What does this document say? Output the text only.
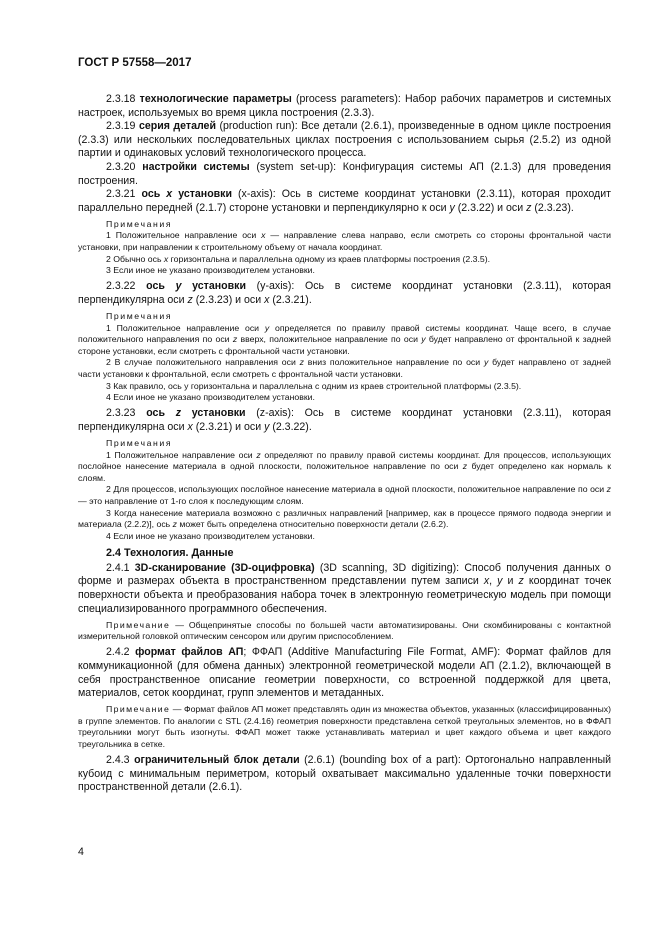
ГОСТ Р 57558—2017

2.3.18 технологические параметры (process parameters): Набор рабочих параметров и системных настроек, используемых во время цикла построения (2.3.3).

2.3.19 серия деталей (production run): Все детали (2.6.1), произведенные в одном цикле построения (2.3.3) или нескольких последовательных циклах построения с использованием сырья (2.5.2) из одной партии и одинаковых условий технологического процесса.

2.3.20 настройки системы (system set-up): Конфигурация системы АП (2.1.3) для проведения построения.

2.3.21 ось x установки (x-axis): Ось в системе координат установки (2.3.11), которая проходит параллельно передней (2.1.7) стороне установки и перпендикулярно к оси y (2.3.22) и оси z (2.3.23).

Примечания

1 Положительное направление оси x — направление слева направо, если смотреть со стороны фронтальной части установки, при направлении к строительному объему от начала координат.

2 Обычно ось x горизонтальна и параллельна одному из краев платформы построения (2.3.5).

3 Если иное не указано производителем установки.

2.3.22 ось y установки (y-axis): Ось в системе координат установки (2.3.11), которая перпендикулярна оси z (2.3.23) и оси x (2.3.21).

Примечания

1 Положительное направление оси y определяется по правилу правой системы координат. Чаще всего, в случае положительного направления по оси z вверх, положительное направление по оси y будет направлено от фронтальной к задней стороне установки, если смотреть с фронтальной части установки.

2 В случае положительного направления оси z вниз положительное направление по оси y будет направлено от задней части установки к фронтальной, если смотреть с фронтальной части установки.

3 Как правило, ось y горизонтальна и параллельна с одним из краев строительной платформы (2.3.5).

4 Если иное не указано производителем установки.

2.3.23 ось z установки (z-axis): Ось в системе координат установки (2.3.11), которая перпендикулярна оси x (2.3.21) и оси y (2.3.22).

Примечания

1 Положительное направление оси z определяют по правилу правой системы координат. Для процессов, использующих послойное нанесение материала в одной плоскости, положительное направление по оси z будет определено как нормаль к слоям.

2 Для процессов, использующих послойное нанесение материала в одной плоскости, положительное направление по оси z — это направление от 1-го слоя к последующим слоям.

3 Когда нанесение материала возможно с различных направлений [например, как в процессе прямого подвода энергии и материала (2.2.2)], ось z может быть определена относительно поверхности детали (2.6.2).

4 Если иное не указано производителем установки.

2.4 Технология. Данные

2.4.1 3D-сканирование (3D-оцифровка) (3D scanning, 3D digitizing): Способ получения данных о форме и размерах объекта в пространственном представлении путем записи x, y и z координат точек поверхности объекта и преобразования набора точек в электронную геометрическую модель при помощи специализированного программного обеспечения.

Примечание — Общепринятые способы по большей части автоматизированы. Они скомбинированы с контактной измерительной головкой оптическим сенсором или другим приспособлением.

2.4.2 формат файлов АП; ФФАП (Additive Manufacturing File Format, AMF): Формат файлов для коммуникационной (для обмена данных) электронной геометрической модели АП (2.1.2), включающей в себя пространственное описание геометрии поверхности, со встроенной поддержкой для цвета, материалов, сеток координат, групп элементов и метаданных.

Примечание — Формат файлов АП может представлять один из множества объектов, указанных (классифицированных) в группе элементов. По аналогии с STL (2.4.16) геометрия поверхности представлена сеткой треугольных элементов, но в ФФАП треугольники могут быть изогнуты. ФФАП может также устанавливать материал и цвет каждого объема и цвет каждого треугольника в сетке.

2.4.3 ограничительный блок детали (2.6.1) (bounding box of a part): Ортогонально направленный кубоид с минимальным периметром, который охватывает максимально удаленные точки поверхности пространственной детали (2.6.1).

4
